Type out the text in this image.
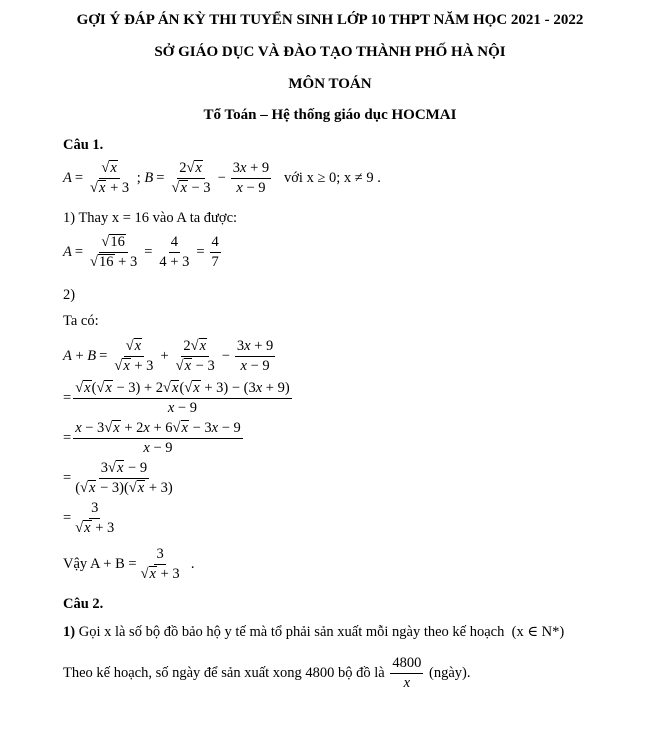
GỢI Ý ĐÁP ÁN KỲ THI TUYỂN SINH LỚP 10 THPT NĂM HỌC 2021 - 2022
SỞ GIÁO DỤC VÀ ĐÀO TẠO THÀNH PHỐ HÀ NỘI
MÔN TOÁN
Tổ Toán – Hệ thống giáo dục HOCMAI
Câu 1.
$A = \frac{√x}{√x + 3}$ ; $B = \frac{2√x}{√x - 3} - \frac{3x + 9}{x - 9}$
với x ≥ 0; x ≠ 9 .
1) Thay x = 16 vào A ta được:
$A = \frac{√16}{√16 + 3} = \frac{4}{4 + 3} = \frac{4}{7}$
2)
Ta có:
$A + B = \frac{√x}{√x + 3} + \frac{2√x}{√x - 3} - \frac{3x + 9}{x - 9}$
= $\frac{√x(√x - 3) + 2√x(√x + 3) - (3x + 9)}{x - 9}$
= $\frac{x - 3√x + 2x + 6√x - 3x - 9}{x - 9}$
= $\frac{3√x - 9}{(√x - 3)(√x + 3)}$
= $\frac{3}{√x + 3}$
Vậy $A + B = \frac{3}{√x + 3}$
.
Câu 2.
1) Gọi x là số bộ đồ bảo hộ y tế mà tổ phải sản xuất mỗi ngày theo kế hoạch (x ∈ N*)
Theo kế hoạch, số ngày để sản xuất xong 4800 bộ đồ là
$\frac{4800}{x}$
(ngày).
